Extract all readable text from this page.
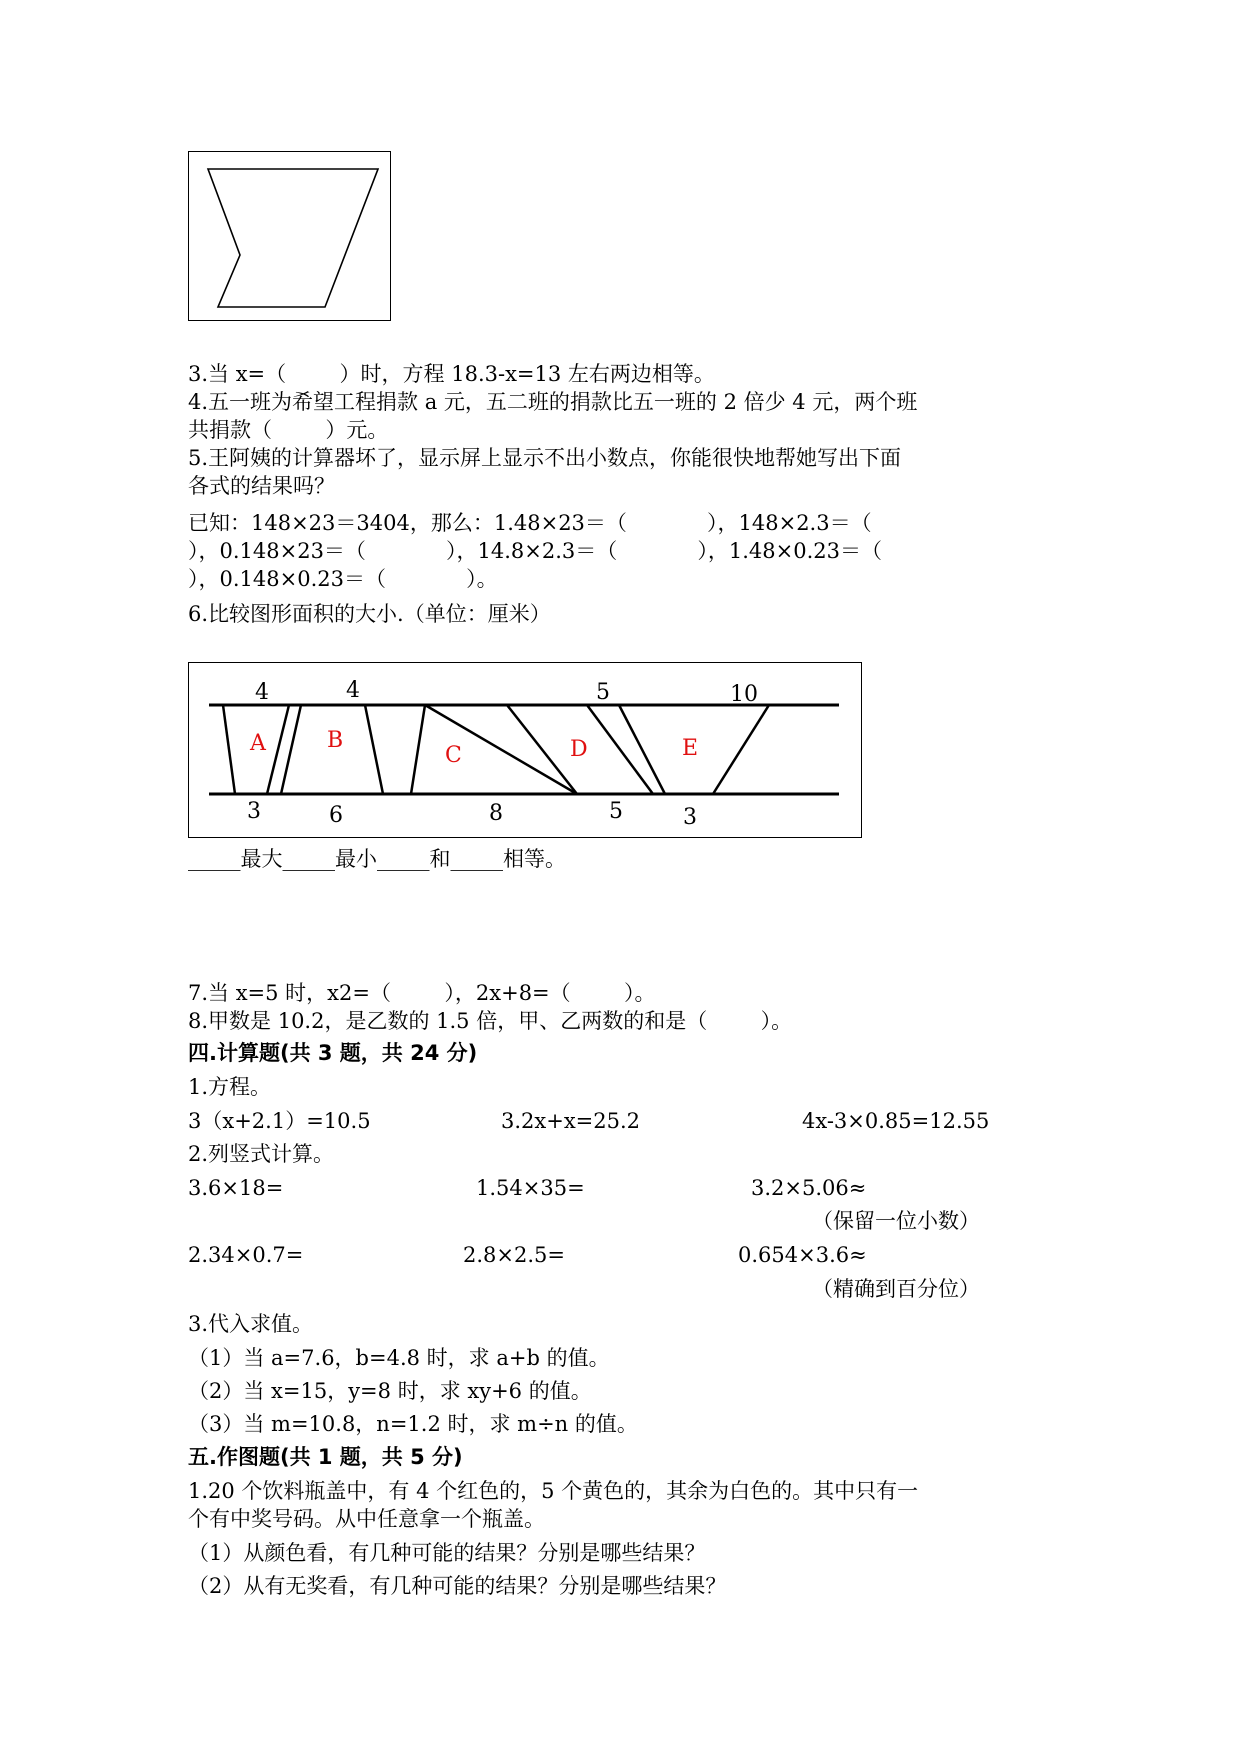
3.当 x=（        ）时，方程 18.3-x=13 左右两边相等。
4.五一班为希望工程捐款 a 元，五二班的捐款比五一班的 2 倍少 4 元，两个班
共捐款（        ）元。
5.王阿姨的计算器坏了，显示屏上显示不出小数点，你能很快地帮她写出下面
各式的结果吗？
已知：148×23＝3404，那么：1.48×23＝（            ），148×2.3＝（
），0.148×23＝（            ），14.8×2.3＝（            ），1.48×0.23＝（
），0.148×0.23＝（            ）。
6.比较图形面积的大小.（单位：厘米）
4	4	5	10
3	6	8	5	3
A	B
C	D	E
_____最大_____最小_____和_____相等。
7.当 x=5 时，x2=（        ），2x+8=（        ）。
8.甲数是 10.2，是乙数的 1.5 倍，甲、乙两数的和是（        ）。
四.计算题(共 3 题，共 24 分)
1.方程。
3（x+2.1）=10.5	3.2x+x=25.2	4x-3×0.85=12.55
2.列竖式计算。
3.6×18=	1.54×35=	3.2×5.06≈
（保留一位小数）
2.34×0.7=	2.8×2.5=	0.654×3.6≈
（精确到百分位）
3.代入求值。
（1）当 a=7.6，b=4.8 时，求 a+b 的值。
（2）当 x=15，y=8 时，求 xy+6 的值。
（3）当 m=10.8，n=1.2 时，求 m÷n 的值。
五.作图题(共 1 题，共 5 分)
1.20 个饮料瓶盖中，有 4 个红色的，5 个黄色的，其余为白色的。其中只有一
个有中奖号码。从中任意拿一个瓶盖。
（1）从颜色看，有几种可能的结果？分别是哪些结果？
（2）从有无奖看，有几种可能的结果？分别是哪些结果？
